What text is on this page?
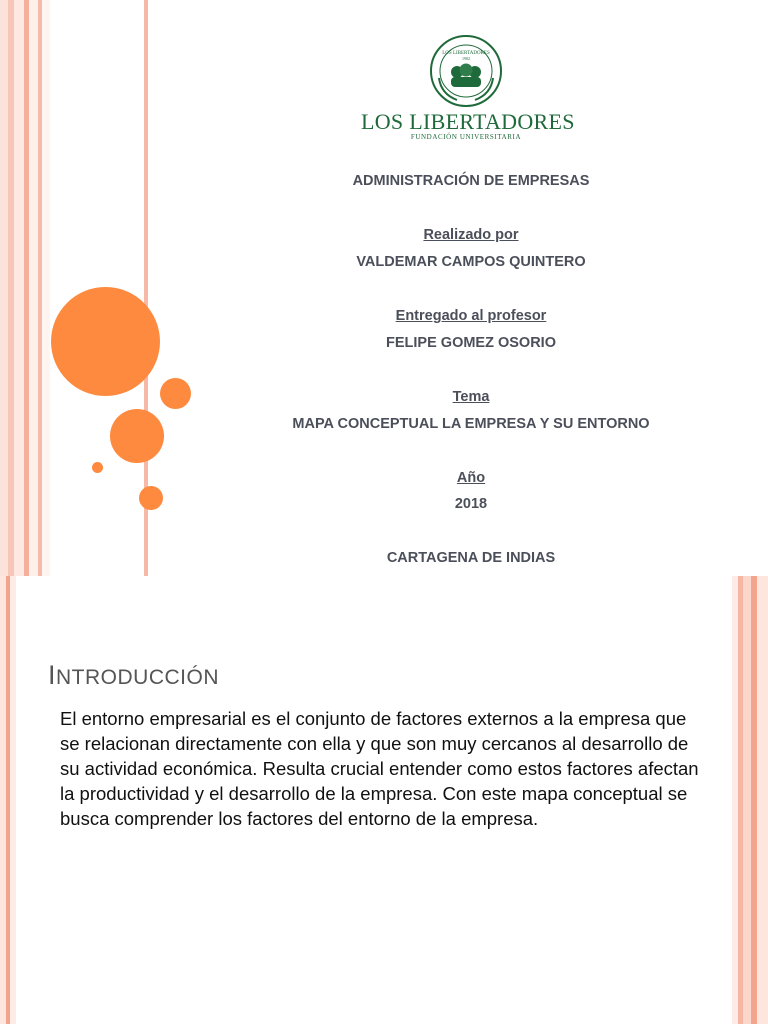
LOS LIBERTADORES
1982
LOS LIBERTADORES
FUNDACIÓN UNIVERSITARIA
ADMINISTRACIÓN DE EMPRESAS
Realizado por
VALDEMAR CAMPOS QUINTERO
Entregado al profesor
FELIPE GOMEZ OSORIO
Tema
MAPA CONCEPTUAL LA EMPRESA Y SU ENTORNO
Año
2018
CARTAGENA DE INDIAS
INTRODUCCIÓN
El entorno empresarial es el conjunto de factores externos a la empresa que se relacionan directamente con ella y que son muy cercanos al desarrollo de su actividad económica. Resulta crucial entender como estos factores afectan la productividad y el desarrollo de la empresa. Con este mapa conceptual se busca comprender los factores del entorno de la empresa.
